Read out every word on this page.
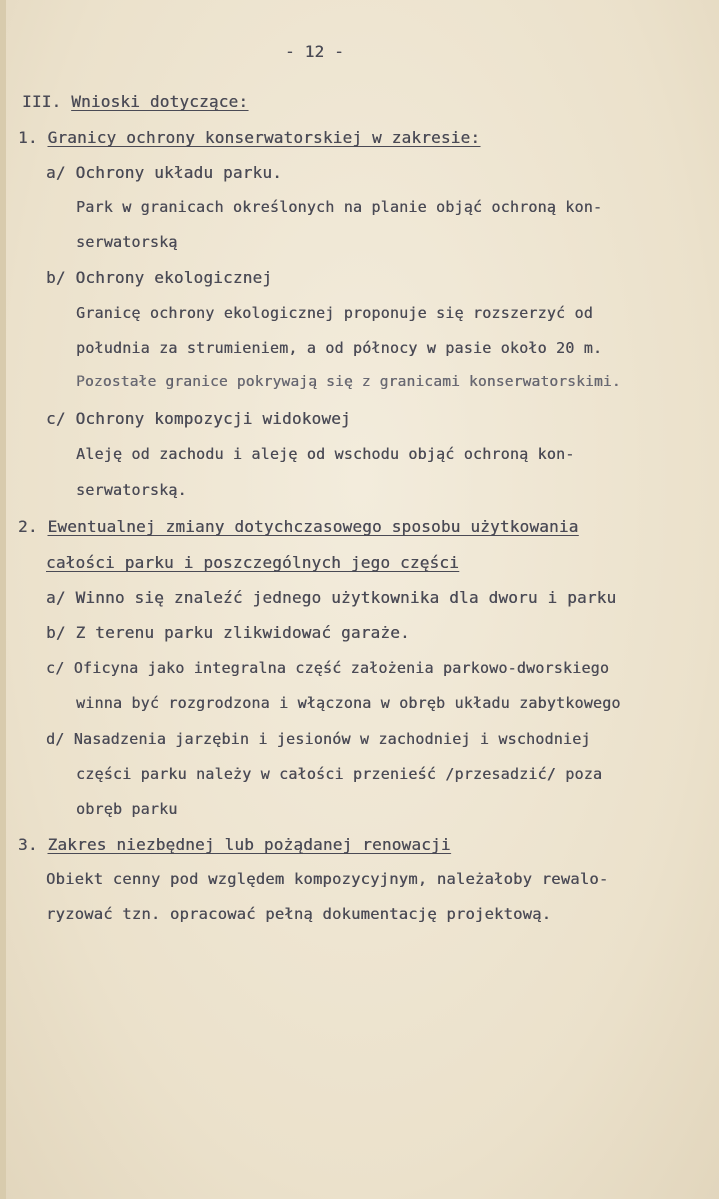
- 12 -
III. Wnioski dotyczące:
1. Granicy ochrony konserwatorskiej w zakresie:
a/ Ochrony układu parku.
Park w granicach określonych na planie objąć ochroną kon-
serwatorską
b/ Ochrony ekologicznej
Granicę ochrony ekologicznej proponuje się rozszerzyć od
południa za strumieniem, a od północy w pasie około 20 m.
Pozostałe granice pokrywają się z granicami konserwatorskimi.
c/ Ochrony kompozycji widokowej
Aleję od zachodu i aleję od wschodu objąć ochroną kon-
serwatorską.
2. Ewentualnej zmiany dotychczasowego sposobu użytkowania
całości parku i poszczególnych jego części
a/ Winno się znaleźć jednego użytkownika dla dworu i parku
b/ Z terenu parku zlikwidować garaże.
c/ Oficyna jako integralna część założenia parkowo-dworskiego
winna być rozgrodzona i włączona w obręb układu zabytkowego
d/ Nasadzenia jarzębin i jesionów w zachodniej i wschodniej
części parku należy w całości przenieść /przesadzić/ poza
obręb parku
3. Zakres niezbędnej lub pożądanej renowacji
Obiekt cenny pod względem kompozycyjnym, należałoby rewalo-
ryzować tzn. opracować pełną dokumentację projektową.
